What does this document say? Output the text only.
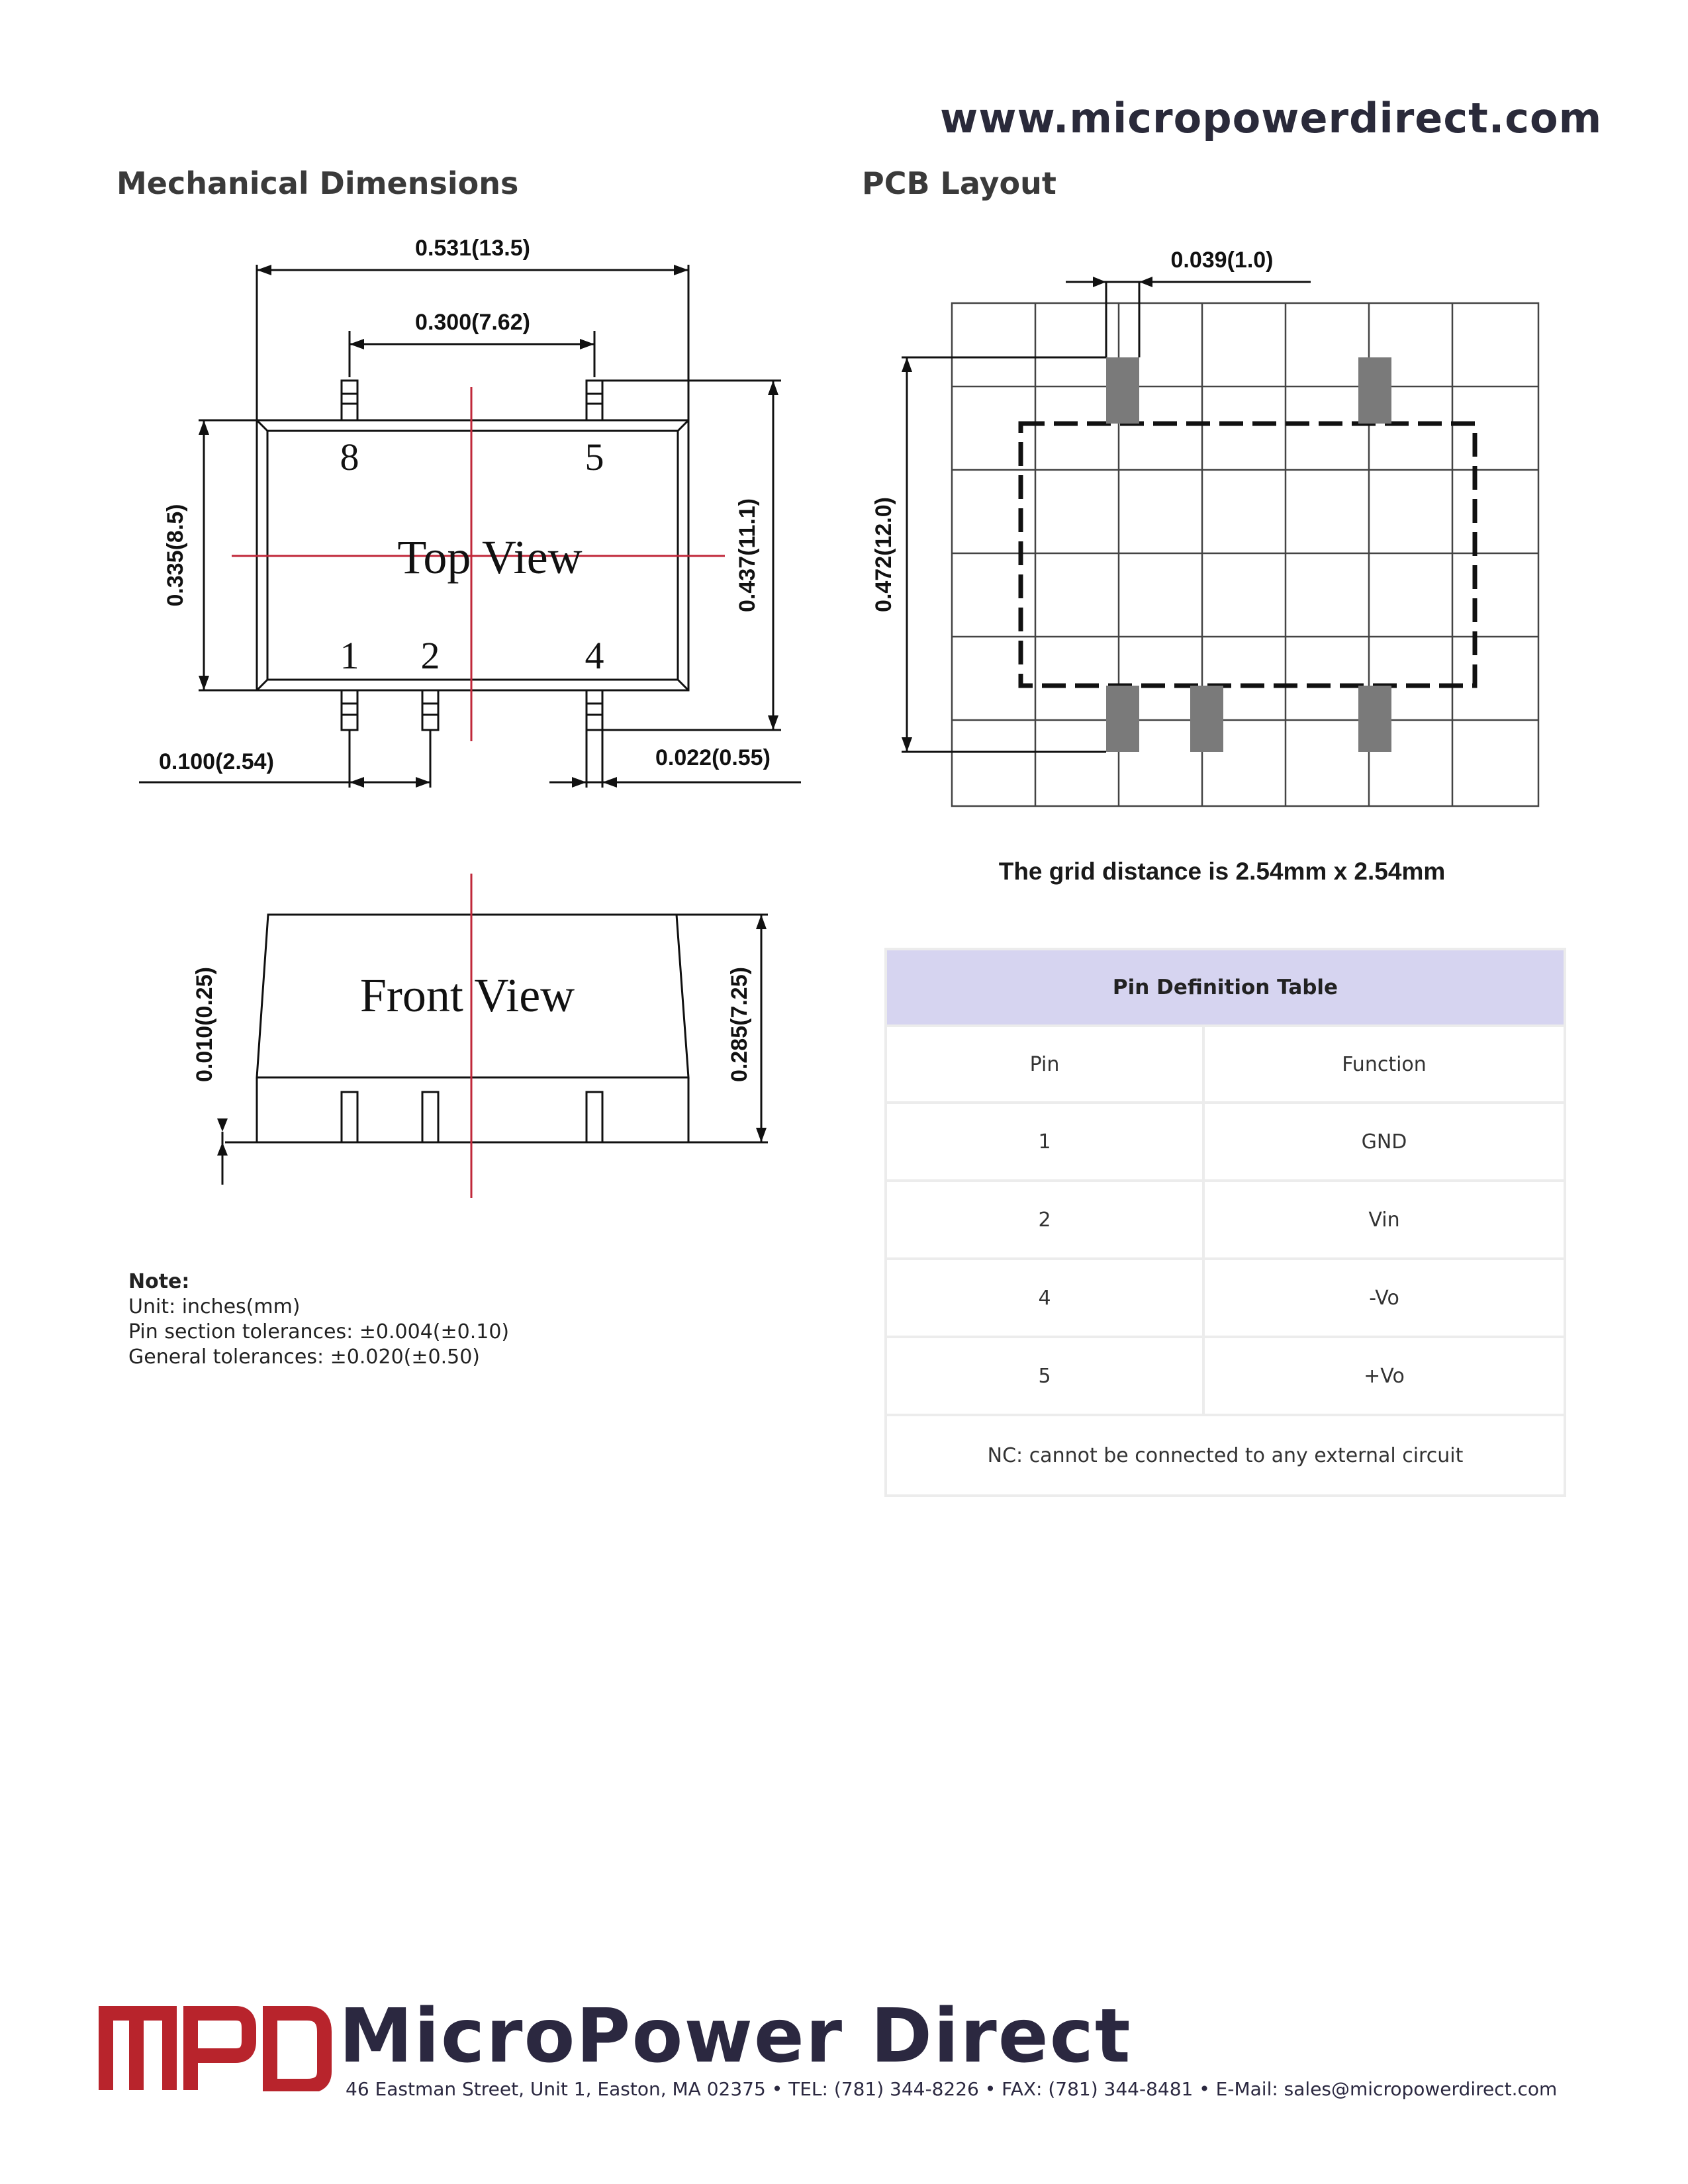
www.micropowerdirect.com
Mechanical Dimensions	PCB Layout
0.531(13.5)
0.300(7.62)
0.335(8.5)	0.437(11.1)
0.100(2.54)	0.022(0.55)
0.010(0.25)	0.285(7.25)
8	5
1 2	4
Top View
Front View
0.039(1.0)
0.472(12.0)
The grid distance is 2.54mm x 2.54mm
Note:
Unit: inches(mm)
Pin section tolerances: ±0.004(±0.10)
General tolerances: ±0.020(±0.50)
Pin Definition Table	
Pin	Function
1	GND
2	Vin
4	-Vo
5	+Vo
NC: cannot be connected to any external circuit	
MicroPower Direct
46 Eastman Street, Unit 1, Easton, MA 02375 • TEL: (781) 344-8226 • FAX: (781) 344-8481 • E-Mail: sales@micropowerdirect.com
